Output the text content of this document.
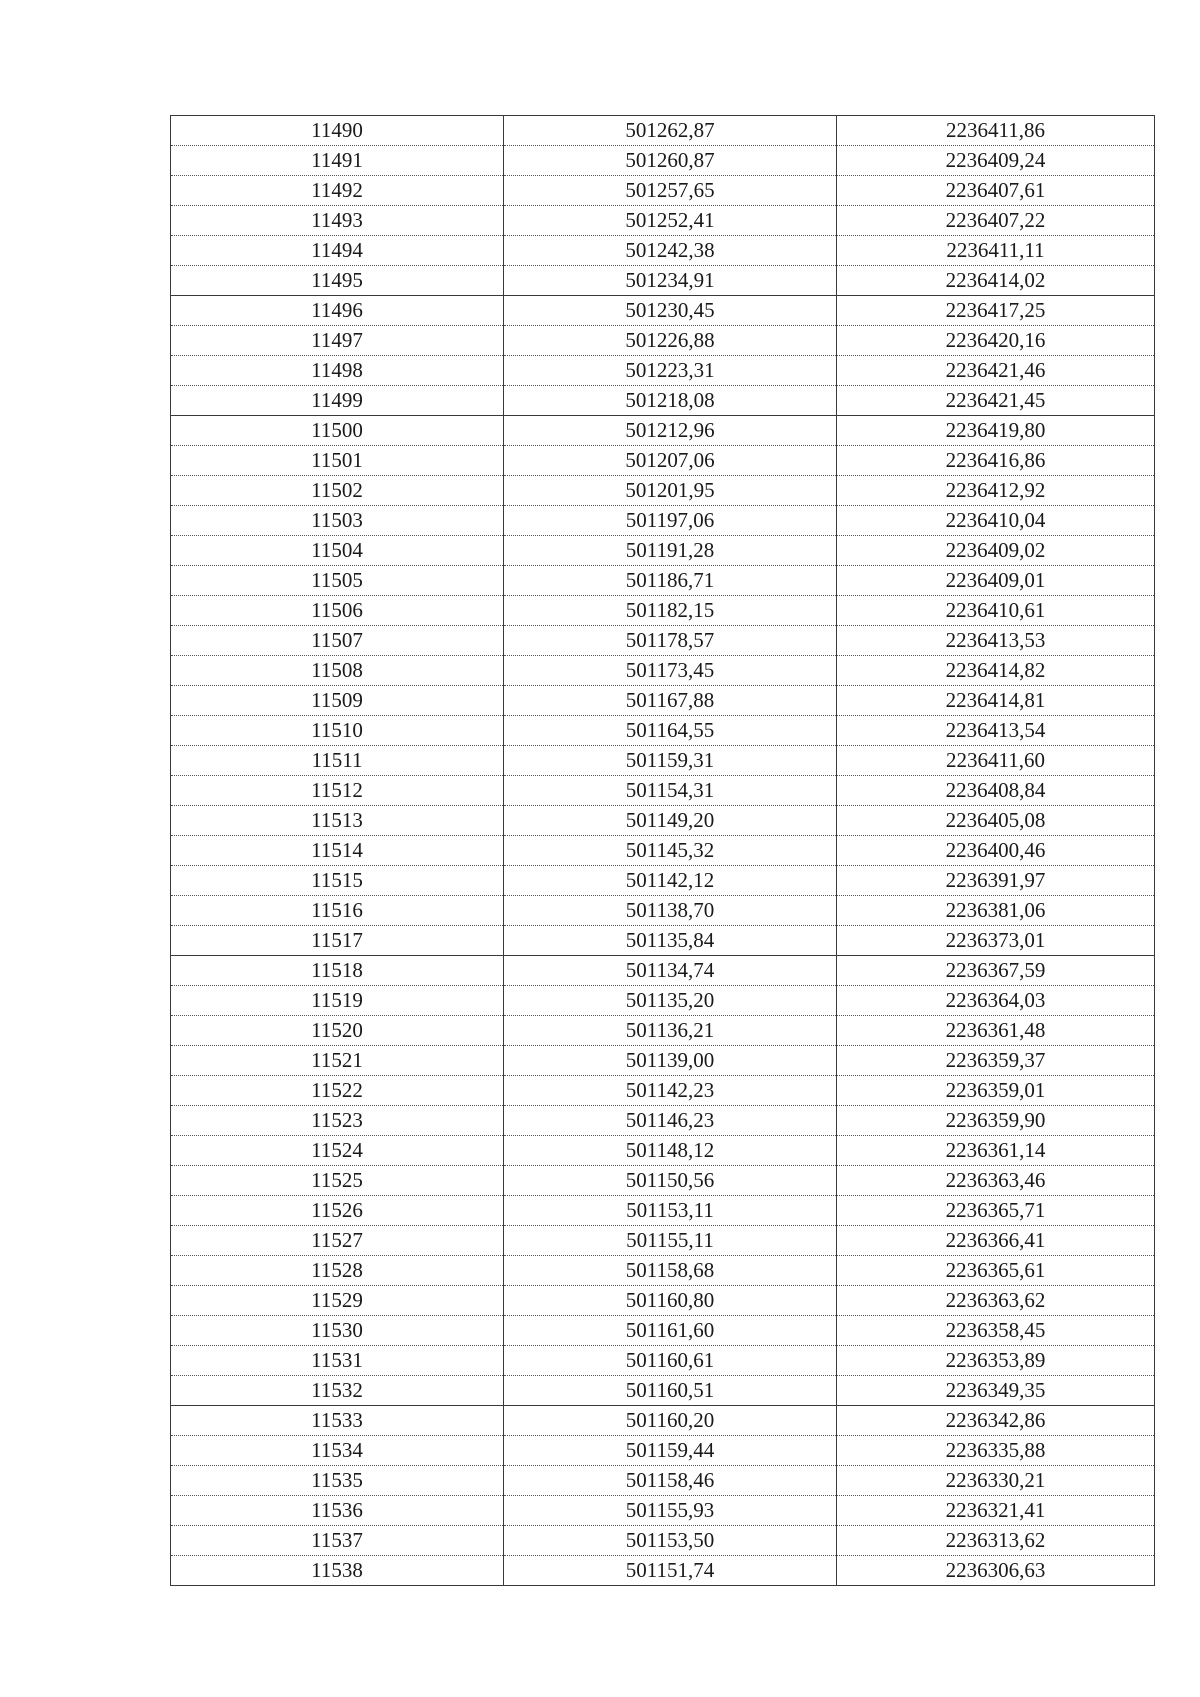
11490	501262,87	2236411,86
11491	501260,87	2236409,24
11492	501257,65	2236407,61
11493	501252,41	2236407,22
11494	501242,38	2236411,11
11495	501234,91	2236414,02
11496	501230,45	2236417,25
11497	501226,88	2236420,16
11498	501223,31	2236421,46
11499	501218,08	2236421,45
11500	501212,96	2236419,80
11501	501207,06	2236416,86
11502	501201,95	2236412,92
11503	501197,06	2236410,04
11504	501191,28	2236409,02
11505	501186,71	2236409,01
11506	501182,15	2236410,61
11507	501178,57	2236413,53
11508	501173,45	2236414,82
11509	501167,88	2236414,81
11510	501164,55	2236413,54
11511	501159,31	2236411,60
11512	501154,31	2236408,84
11513	501149,20	2236405,08
11514	501145,32	2236400,46
11515	501142,12	2236391,97
11516	501138,70	2236381,06
11517	501135,84	2236373,01
11518	501134,74	2236367,59
11519	501135,20	2236364,03
11520	501136,21	2236361,48
11521	501139,00	2236359,37
11522	501142,23	2236359,01
11523	501146,23	2236359,90
11524	501148,12	2236361,14
11525	501150,56	2236363,46
11526	501153,11	2236365,71
11527	501155,11	2236366,41
11528	501158,68	2236365,61
11529	501160,80	2236363,62
11530	501161,60	2236358,45
11531	501160,61	2236353,89
11532	501160,51	2236349,35
11533	501160,20	2236342,86
11534	501159,44	2236335,88
11535	501158,46	2236330,21
11536	501155,93	2236321,41
11537	501153,50	2236313,62
11538	501151,74	2236306,63
